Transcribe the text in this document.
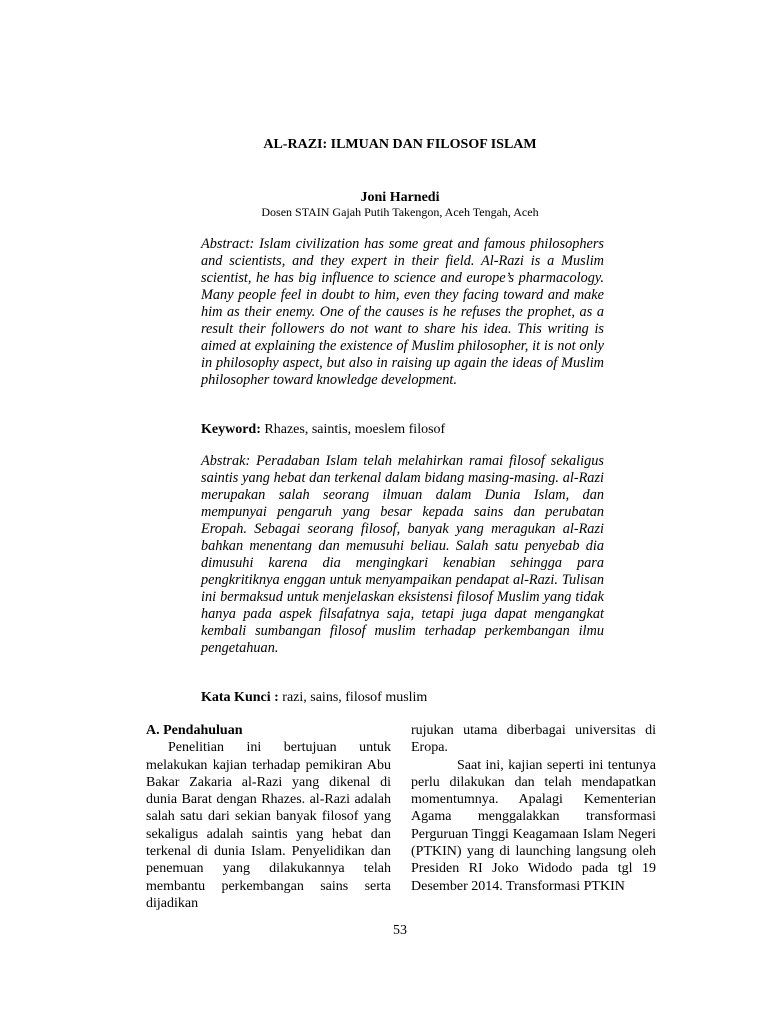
AL-RAZI: ILMUAN DAN FILOSOF ISLAM
Joni Harnedi
Dosen STAIN Gajah Putih Takengon, Aceh Tengah, Aceh

Abstract: Islam civilization has some great and famous philosophers and scientists, and they expert in their field. Al-Razi is a Muslim scientist, he has big influence to science and europe’s pharmacology. Many people feel in doubt to him, even they facing toward and make him as their enemy. One of the causes is he refuses the prophet, as a result their followers do not want to share his idea. This writing is aimed at explaining the existence of Muslim philosopher, it is not only in philosophy aspect, but also in raising up again the ideas of Muslim philosopher toward knowledge development.

Keyword: Rhazes, saintis, moeslem filosof

Abstrak: Peradaban Islam telah melahirkan ramai filosof sekaligus saintis yang hebat dan terkenal dalam bidang masing-masing. al-Razi merupakan salah seorang ilmuan dalam Dunia Islam, dan mempunyai pengaruh yang besar kepada sains dan perubatan Eropah. Sebagai seorang filosof, banyak yang meragukan al-Razi bahkan menentang dan memusuhi beliau. Salah satu penyebab dia dimusuhi karena dia mengingkari kenabian sehingga para pengkritiknya enggan untuk menyampaikan pendapat al-Razi. Tulisan ini bermaksud untuk menjelaskan eksistensi filosof Muslim yang tidak hanya pada aspek filsafatnya saja, tetapi juga dapat mengangkat kembali sumbangan filosof muslim terhadap perkembangan ilmu pengetahuan.

Kata Kunci : razi, sains, filosof muslim

A. Pendahuluan

Penelitian ini bertujuan untuk melakukan kajian terhadap pemikiran Abu Bakar Zakaria al-Razi yang dikenal di dunia Barat dengan Rhazes. al-Razi adalah salah satu dari sekian banyak filosof yang sekaligus adalah saintis yang hebat dan terkenal di dunia Islam. Penyelidikan dan penemuan yang dilakukannya telah membantu perkembangan sains serta dijadikan

rujukan utama diberbagai universitas di Eropa.

Saat ini, kajian seperti ini tentunya perlu dilakukan dan telah mendapatkan momentumnya. Apalagi Kementerian Agama menggalakkan transformasi Perguruan Tinggi Keagamaan Islam Negeri (PTKIN) yang di launching langsung oleh Presiden RI Joko Widodo pada tgl 19 Desember 2014. Transformasi PTKIN

53
